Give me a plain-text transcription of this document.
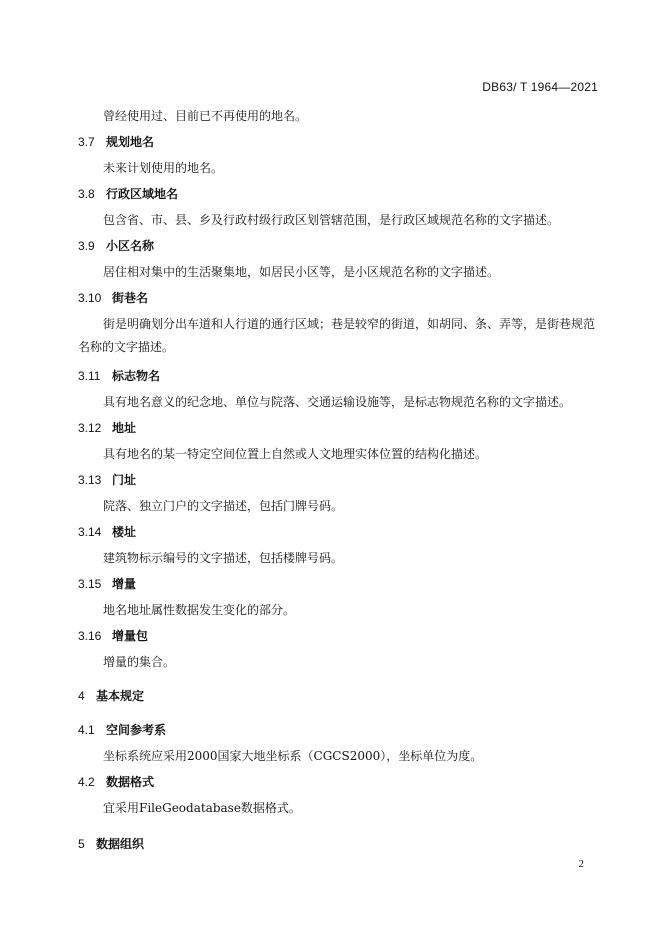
DB63/ T 1964—2021
曾经使用过、目前已不再使用的地名。
3.7 规划地名
未来计划使用的地名。
3.8 行政区域地名
包含省、市、县、乡及行政村级行政区划管辖范围，是行政区域规范名称的文字描述。
3.9 小区名称
居住相对集中的生活聚集地，如居民小区等，是小区规范名称的文字描述。
3.10 街巷名
街是明确划分出车道和人行道的通行区域；巷是较窄的街道，如胡同、条、弄等，是街巷规范名称的文字描述。
3.11 标志物名
具有地名意义的纪念地、单位与院落、交通运输设施等，是标志物规范名称的文字描述。
3.12 地址
具有地名的某一特定空间位置上自然或人文地理实体位置的结构化描述。
3.13 门址
院落、独立门户的文字描述，包括门牌号码。
3.14 楼址
建筑物标示编号的文字描述，包括楼牌号码。
3.15 增量
地名地址属性数据发生变化的部分。
3.16 增量包
增量的集合。
4 基本规定
4.1 空间参考系
坐标系统应采用2000国家大地坐标系（CGCS2000），坐标单位为度。
4.2 数据格式
宜采用FileGeodatabase数据格式。
5 数据组织
2
